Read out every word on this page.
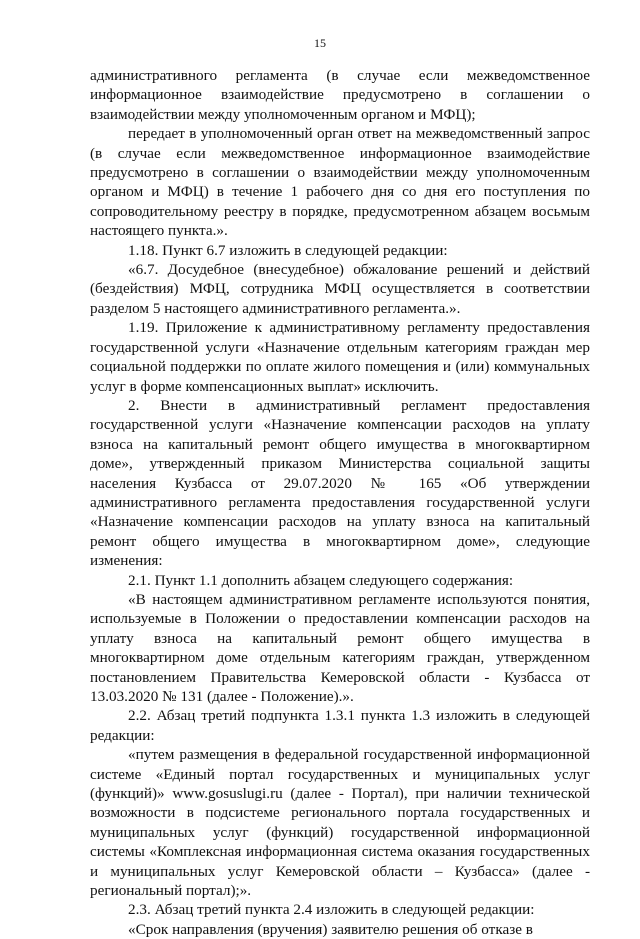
15

административного регламента (в случае если межведомственное информационное взаимодействие предусмотрено в соглашении о взаимодействии между уполномоченным органом и МФЦ);

передает в уполномоченный орган ответ на межведомственный запрос (в случае если межведомственное информационное взаимодействие предусмотрено в соглашении о взаимодействии между уполномоченным органом и МФЦ) в течение 1 рабочего дня со дня его поступления по сопроводительному реестру в порядке, предусмотренном абзацем восьмым настоящего пункта.».

1.18. Пункт 6.7 изложить в следующей редакции:

«6.7. Досудебное (внесудебное) обжалование решений и действий (бездействия) МФЦ, сотрудника МФЦ осуществляется в соответствии разделом 5 настоящего административного регламента.».

1.19. Приложение к административному регламенту предоставления государственной услуги «Назначение отдельным категориям граждан мер социальной поддержки по оплате жилого помещения и (или) коммунальных услуг в форме компенсационных выплат» исключить.

2. Внести в административный регламент предоставления государственной услуги «Назначение компенсации расходов на уплату взноса на капитальный ремонт общего имущества в многоквартирном доме», утвержденный приказом Министерства социальной защиты населения Кузбасса от 29.07.2020 № 165 «Об утверждении административного регламента предоставления государственной услуги «Назначение компенсации расходов на уплату взноса на капитальный ремонт общего имущества в многоквартирном доме», следующие изменения:

2.1. Пункт 1.1 дополнить абзацем следующего содержания:

«В настоящем административном регламенте используются понятия, используемые в Положении о предоставлении компенсации расходов на уплату взноса на капитальный ремонт общего имущества в многоквартирном доме отдельным категориям граждан, утвержденном постановлением Правительства Кемеровской области - Кузбасса от 13.03.2020 № 131 (далее - Положение).».

2.2. Абзац третий подпункта 1.3.1 пункта 1.3 изложить в следующей редакции:

«путем размещения в федеральной государственной информационной системе «Единый портал государственных и муниципальных услуг (функций)» www.gosuslugi.ru (далее - Портал), при наличии технической возможности в подсистеме регионального портала государственных и муниципальных услуг (функций) государственной информационной системы «Комплексная информационная система оказания государственных и муниципальных услуг Кемеровской области – Кузбасса» (далее - региональный портал);».

2.3. Абзац третий пункта 2.4 изложить в следующей редакции:

«Срок направления (вручения) заявителю решения об отказе в
